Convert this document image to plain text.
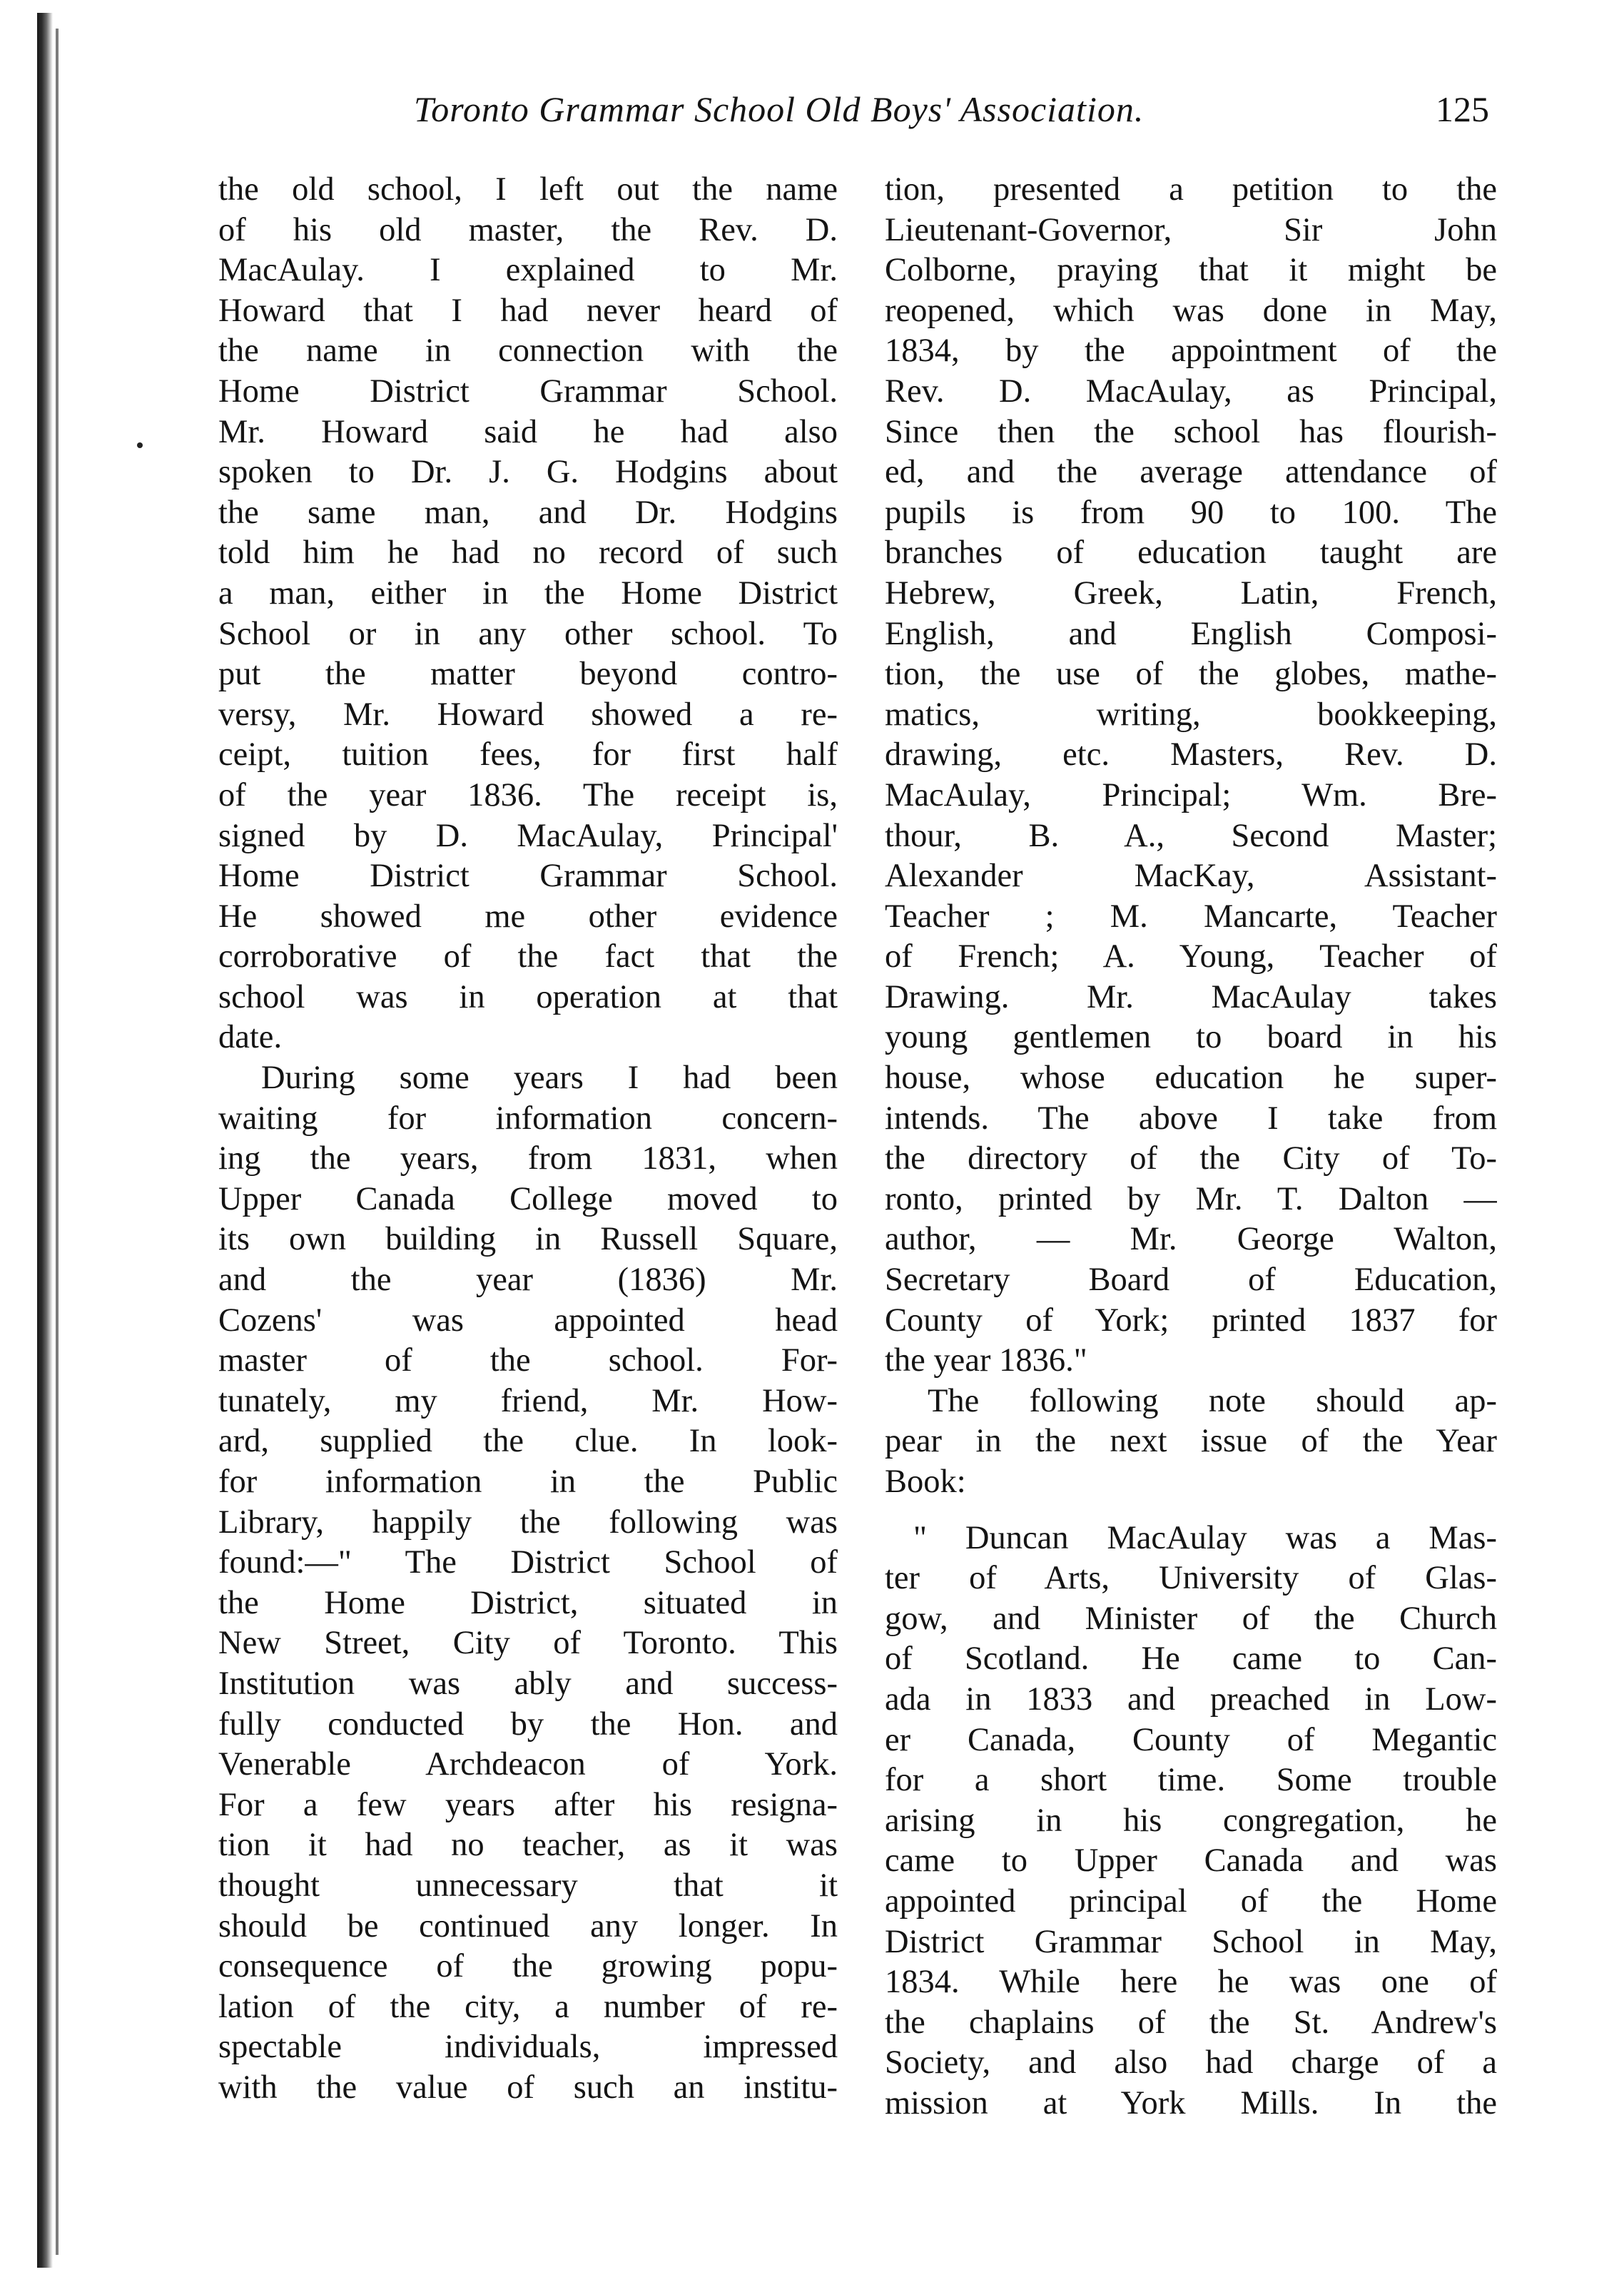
Toronto Grammar School Old Boys' Association.	125
the old school, I left out the name
of his old master, the Rev. D.
MacAulay. I explained to Mr.
Howard that I had never heard of
the name in connection with the
Home District Grammar School.
Mr. Howard said he had also
spoken to Dr. J. G. Hodgins about
the same man, and Dr. Hodgins
told him he had no record of such
a man, either in the Home District
School or in any other school. To
put the matter beyond contro-
versy, Mr. Howard showed a re-
ceipt, tuition fees, for first half
of the year 1836. The receipt is,
signed by D. MacAulay, Principal'
Home District Grammar School.
He showed me other evidence
corroborative of the fact that the
school was in operation at that
date.
During some years I had been
waiting for information concern-
ing the years, from 1831, when
Upper Canada College moved to
its own building in Russell Square,
and the year (1836) Mr.
Cozens' was appointed head
master of the school. For-
tunately, my friend, Mr. How-
ard, supplied the clue. In look-
for information in the Public
Library, happily the following was
found:—" The District School of
the Home District, situated in
New Street, City of Toronto. This
Institution was ably and success-
fully conducted by the Hon. and
Venerable Archdeacon of York.
For a few years after his resigna-
tion it had no teacher, as it was
thought unnecessary that it
should be continued any longer. In
consequence of the growing popu-
lation of the city, a number of re-
spectable individuals, impressed
with the value of such an institu-
tion, presented a petition to the
Lieutenant-Governor, Sir John
Colborne, praying that it might be
reopened, which was done in May,
1834, by the appointment of the
Rev. D. MacAulay, as Principal,
Since then the school has flourish-
ed, and the average attendance of
pupils is from 90 to 100. The
branches of education taught are
Hebrew, Greek, Latin, French,
English, and English Composi-
tion, the use of the globes, mathe-
matics, writing, bookkeeping,
drawing, etc. Masters, Rev. D.
MacAulay, Principal; Wm. Bre-
thour, B. A., Second Master;
Alexander MacKay, Assistant-
Teacher ; M. Mancarte, Teacher
of French; A. Young, Teacher of
Drawing. Mr. MacAulay takes
young gentlemen to board in his
house, whose education he super-
intends. The above I take from
the directory of the City of To-
ronto, printed by Mr. T. Dalton —
author, — Mr. George Walton,
Secretary Board of Education,
County of York; printed 1837 for
the year 1836."
The following note should ap-
pear in the next issue of the Year
Book:
" Duncan MacAulay was a Mas-
ter of Arts, University of Glas-
gow, and Minister of the Church
of Scotland. He came to Can-
ada in 1833 and preached in Low-
er Canada, County of Megantic
for a short time. Some trouble
arising in his congregation, he
came to Upper Canada and was
appointed principal of the Home
District Grammar School in May,
1834. While here he was one of
the chaplains of the St. Andrew's
Society, and also had charge of a
mission at York Mills. In the
